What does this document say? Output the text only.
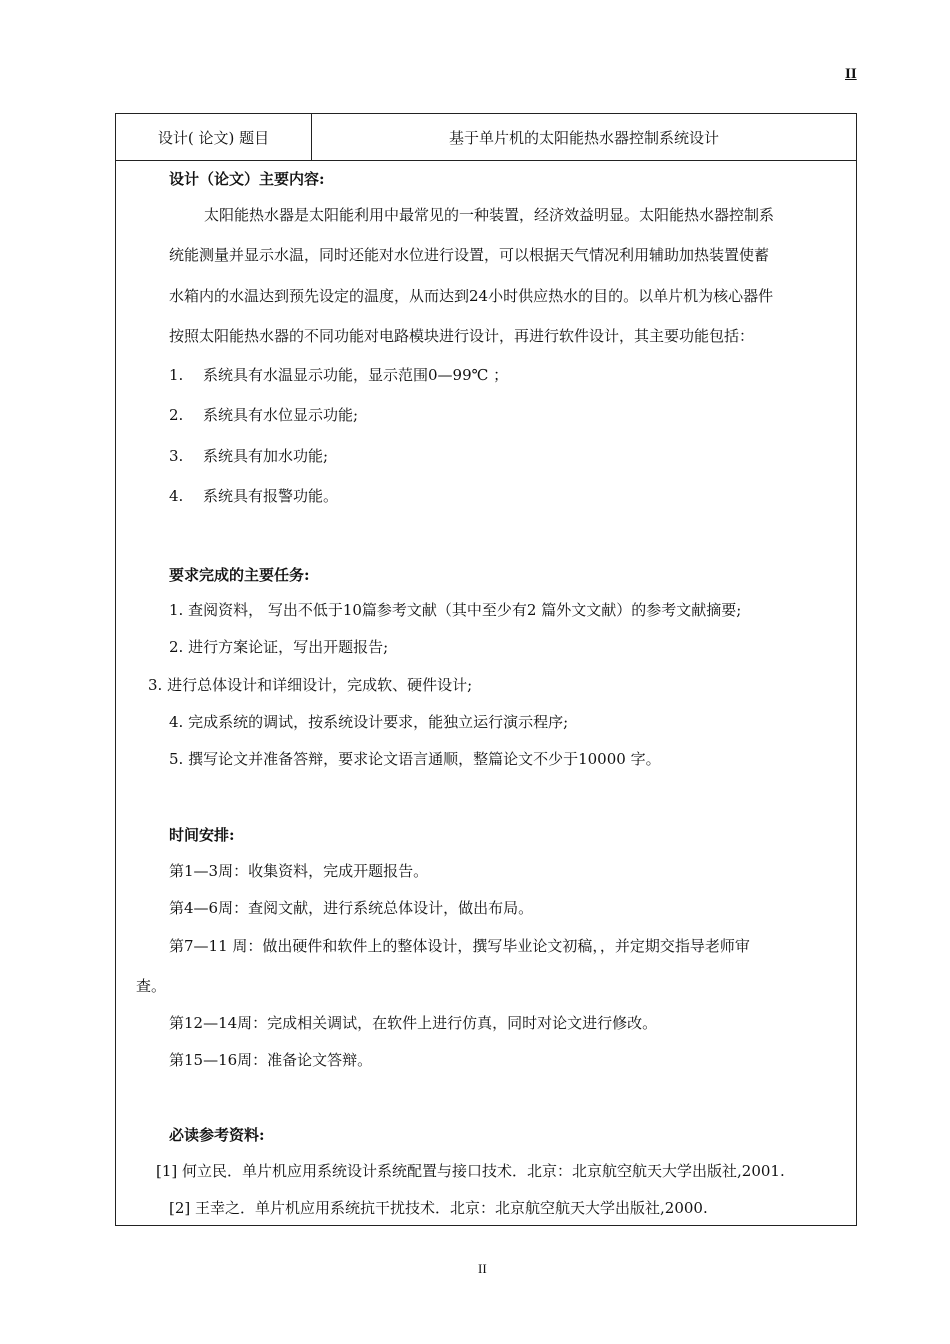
II
设计( 论文) 题目	基于单片机的太阳能热水器控制系统设计
设计（论文）主要内容:
太阳能热水器是太阳能利用中最常见的一种装置，经济效益明显。太阳能热水器控制系
统能测量并显示水温，同时还能对水位进行设置，可以根据天气情况利用辅助加热装置使蓄
水箱内的水温达到预先设定的温度，从而达到24小时供应热水的目的。以单片机为核心器件
按照太阳能热水器的不同功能对电路模块进行设计，再进行软件设计，其主要功能包括：
1. 系统具有水温显示功能，显示范围0—99℃ ；
2. 系统具有水位显示功能;
3. 系统具有加水功能;
4. 系统具有报警功能。
要求完成的主要任务:
1. 查阅资料， 写出不低于10篇参考文献（其中至少有2 篇外文文献）的参考文献摘要;
2. 进行方案论证，写出开题报告;
3. 进行总体设计和详细设计，完成软、硬件设计;
4. 完成系统的调试，按系统设计要求，能独立运行演示程序;
5. 撰写论文并准备答辩，要求论文语言通顺，整篇论文不少于10000 字。
时间安排:
第1—3周：收集资料，完成开题报告。
第4—6周：查阅文献，进行系统总体设计，做出布局。
第7—11 周：做出硬件和软件上的整体设计，撰写毕业论文初稿，，并定期交指导老师审
查。
第12—14周：完成相关调试，在软件上进行仿真，同时对论文进行修改。
第15—16周：准备论文答辩。
必读参考资料:
[1] 何立民．单片机应用系统设计系统配置与接口技术．北京：北京航空航天大学出版社,2001.
[2] 王幸之．单片机应用系统抗干扰技术．北京：北京航空航天大学出版社,2000.
II
